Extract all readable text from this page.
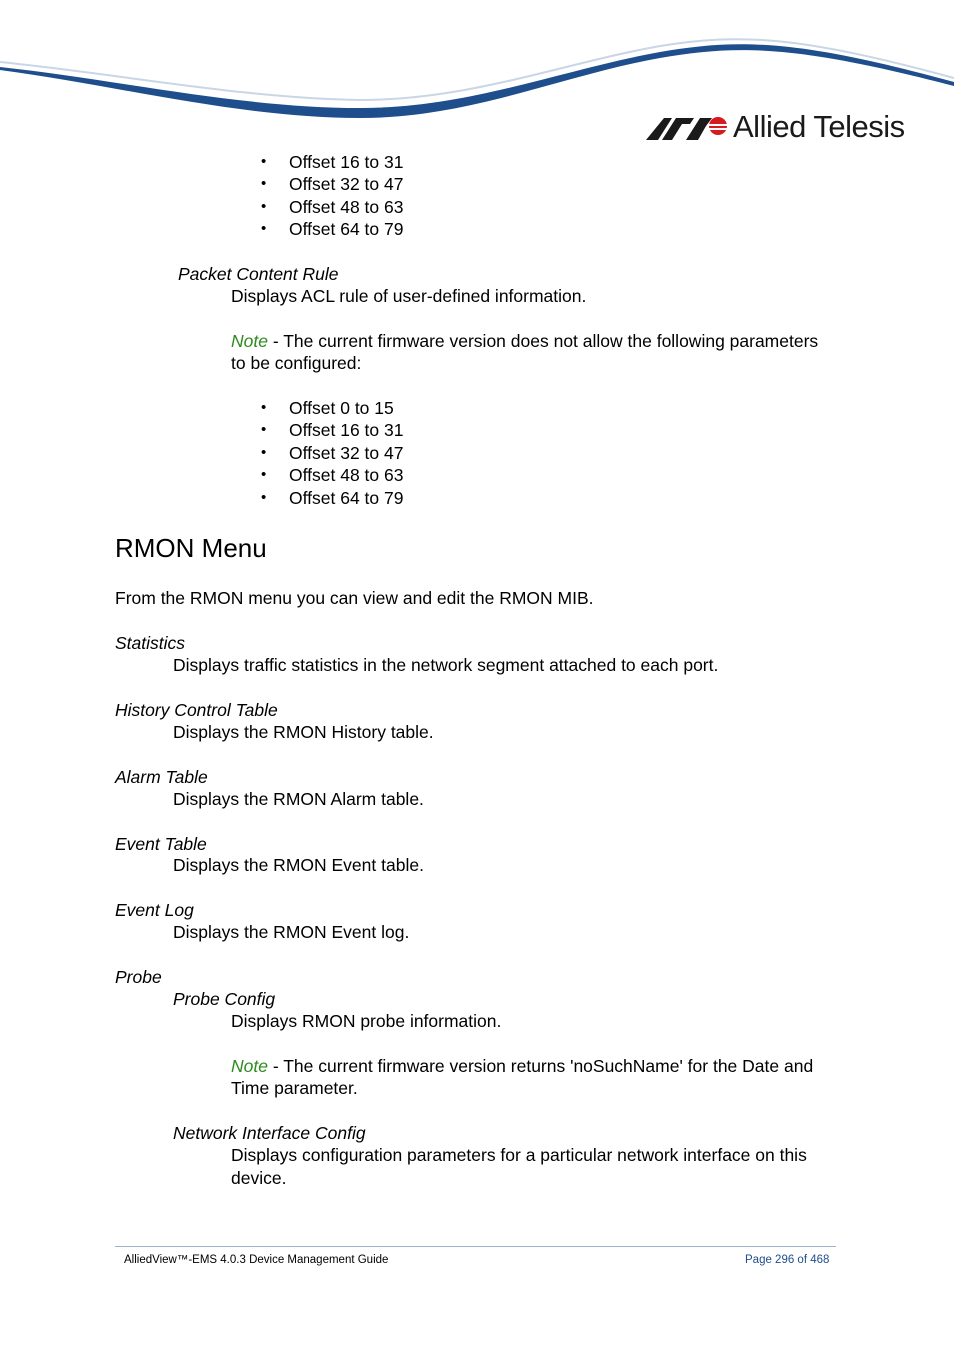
Allied Telesis
• Offset 16 to 31
• Offset 32 to 47
• Offset 48 to 63
• Offset 64 to 79
Packet Content Rule
Displays ACL rule of user-defined information.
Note - The current firmware version does not allow the following parameters
to be configured:
• Offset 0 to 15
• Offset 16 to 31
• Offset 32 to 47
• Offset 48 to 63
• Offset 64 to 79
RMON Menu
From the RMON menu you can view and edit the RMON MIB.
Statistics
Displays traffic statistics in the network segment attached to each port.
History Control Table
Displays the RMON History table.
Alarm Table
Displays the RMON Alarm table.
Event Table
Displays the RMON Event table.
Event Log
Displays the RMON Event log.
Probe
Probe Config
Displays RMON probe information.
Note - The current firmware version returns 'noSuchName' for the Date and
Time parameter.
Network Interface Config
Displays configuration parameters for a particular network interface on this
device.
AlliedView™-EMS 4.0.3 Device Management Guide	Page 296 of 468
